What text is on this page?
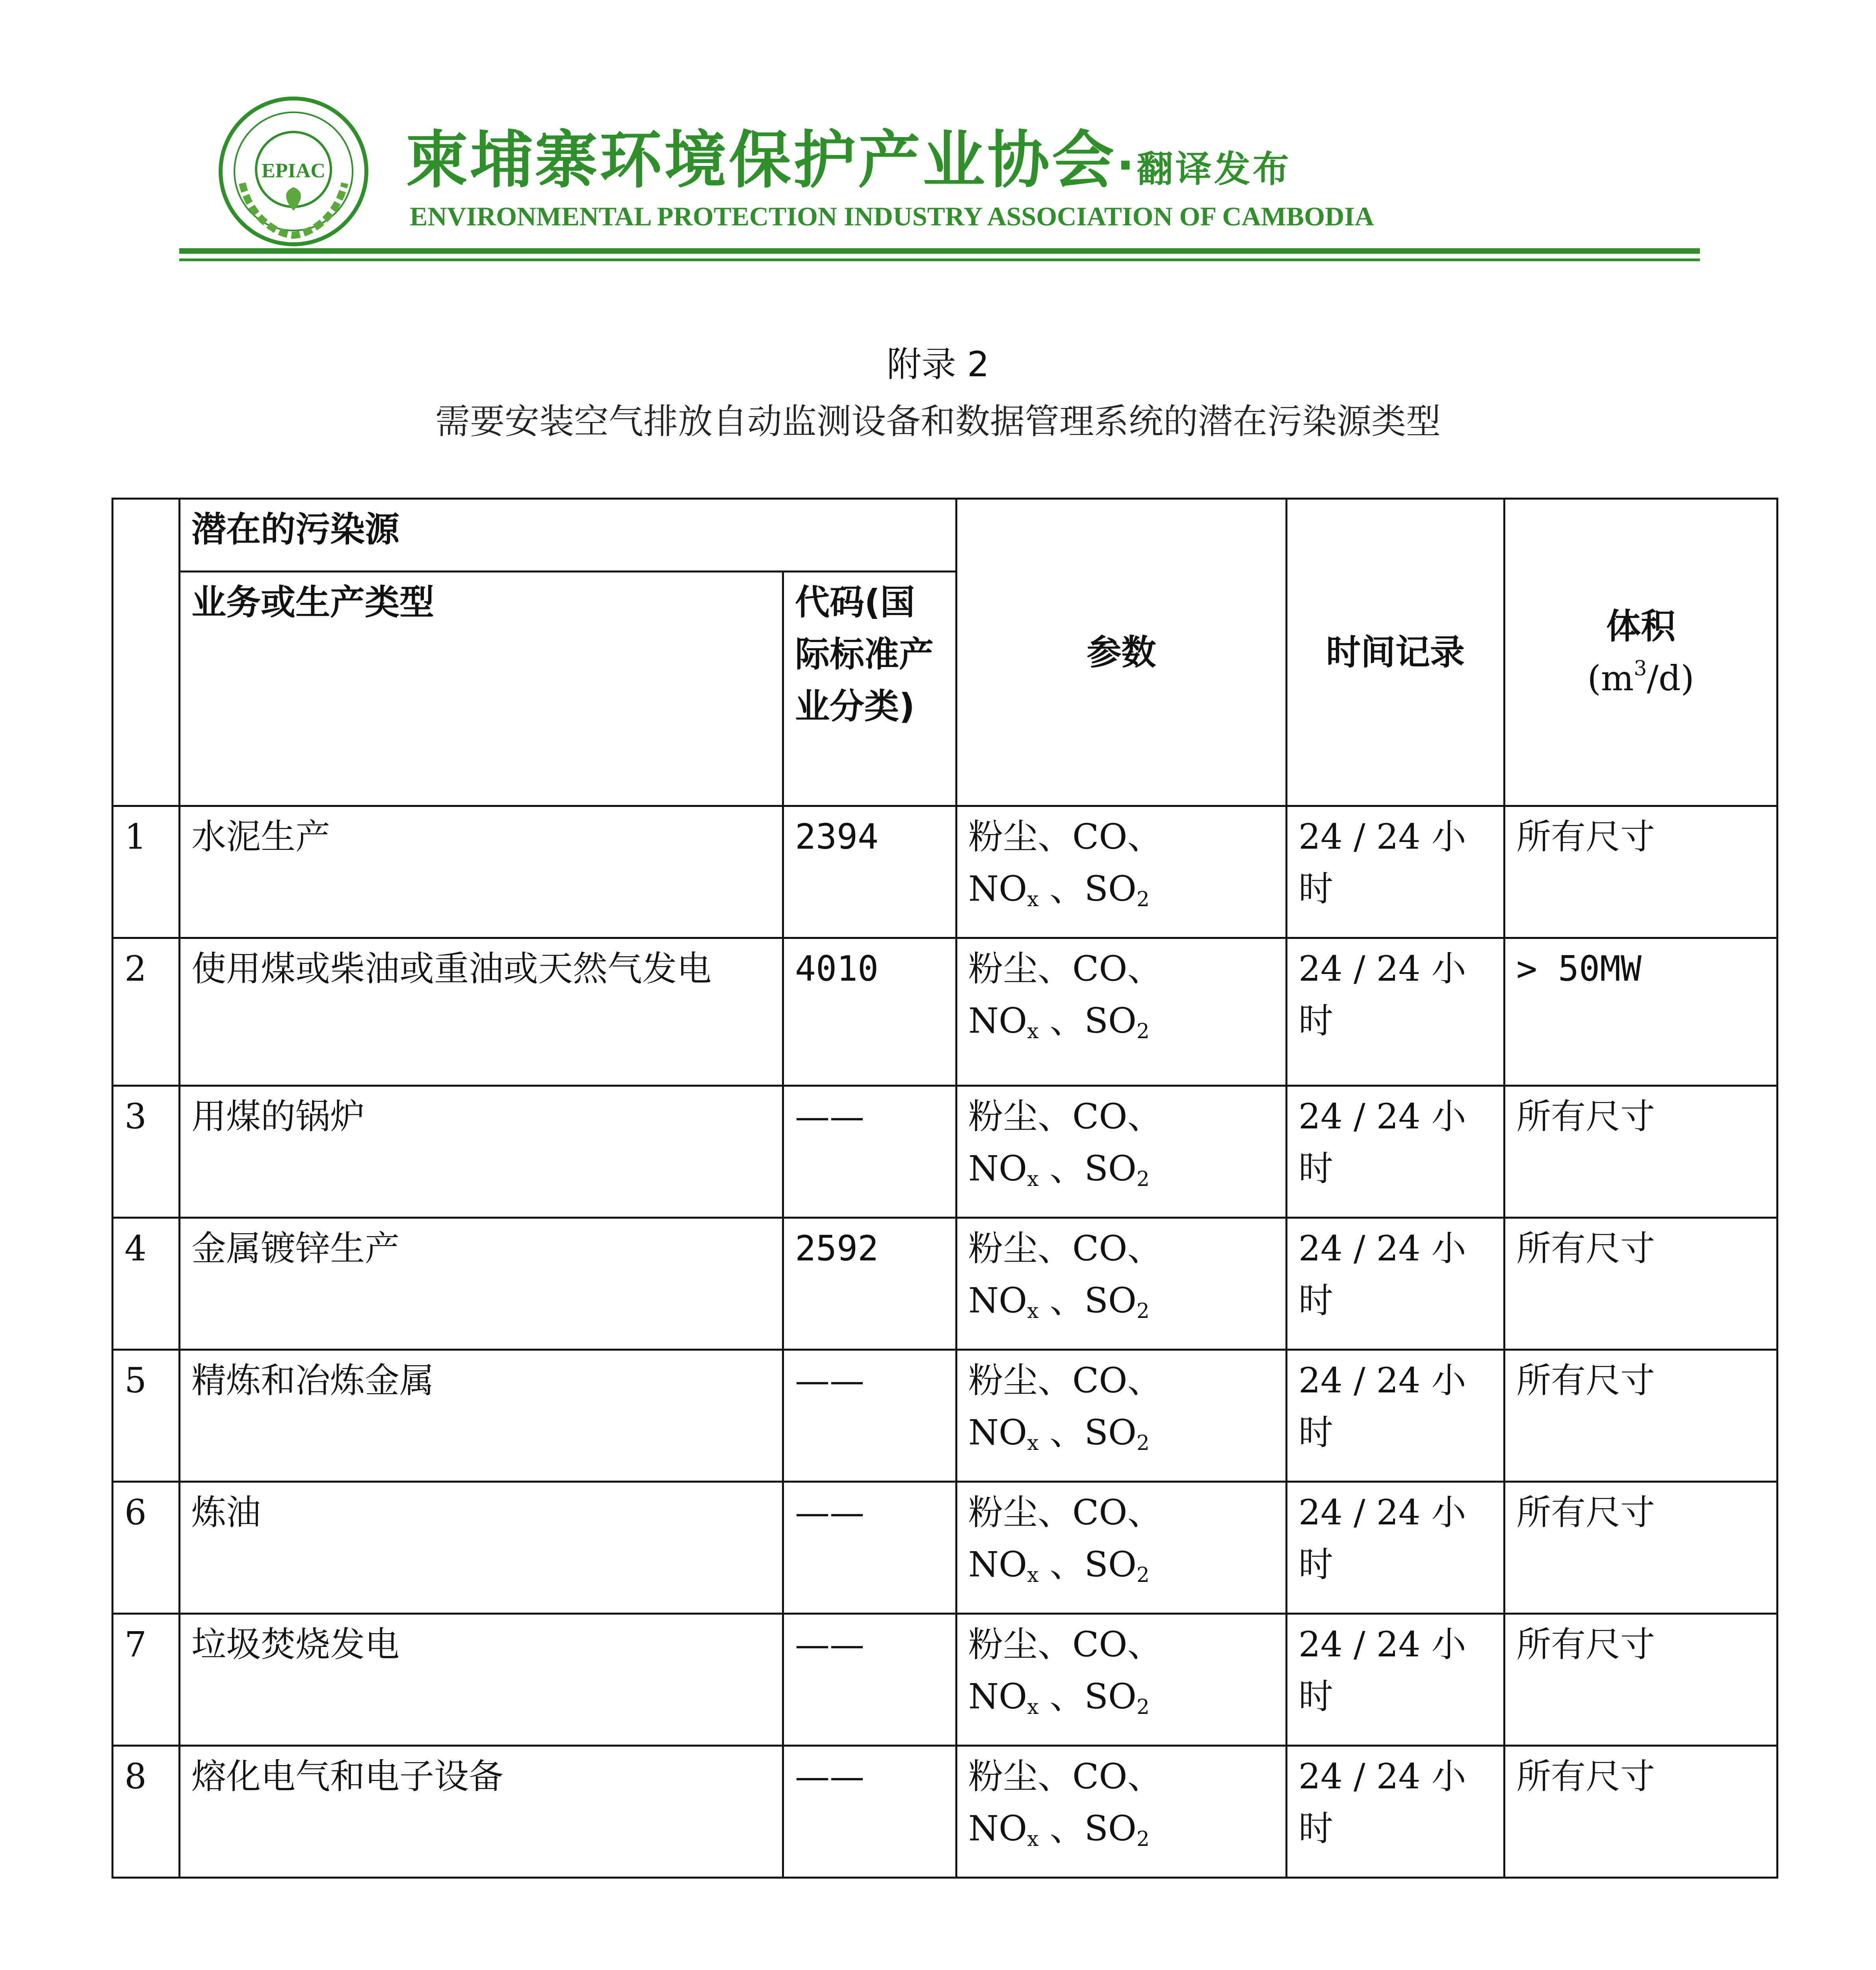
EPIAC 柬埔寨环境保护产业协会·翻译发布
ENVIRONMENTAL PROTECTION INDUSTRY ASSOCIATION OF CAMBODIA
附录 2
需要安装空气排放自动监测设备和数据管理系统的潜在污染源类型
	潜在的污染源		参数	时间记录	体积
$(m^3/d)$

	业务或生产类型	代码(国际标准产业分类)			
1	水泥生产	2394	粉尘、CO、
$NO_x$ 、$SO_2$	24 / 24 小时	所有尺寸
2	使用煤或柴油或重油或天然气发电	4010	粉尘、CO、
$NO_x$ 、$SO_2$	24 / 24 小时	> 50MW
3	用煤的锅炉	——	粉尘、CO、
$NO_x$ 、$SO_2$	24 / 24 小时	所有尺寸
4	金属镀锌生产	2592	粉尘、CO、
$NO_x$ 、$SO_2$	24 / 24 小时	所有尺寸
5	精炼和冶炼金属	——	粉尘、CO、
$NO_x$ 、$SO_2$	24 / 24 小时	所有尺寸
6	炼油	——	粉尘、CO、
$NO_x$ 、$SO_2$	24 / 24 小时	所有尺寸
7	垃圾焚烧发电	——	粉尘、CO、
$NO_x$ 、$SO_2$	24 / 24 小时	所有尺寸
8	熔化电气和电子设备	——	粉尘、CO、
$NO_x$ 、$SO_2$	24 / 24 小时	所有尺寸
